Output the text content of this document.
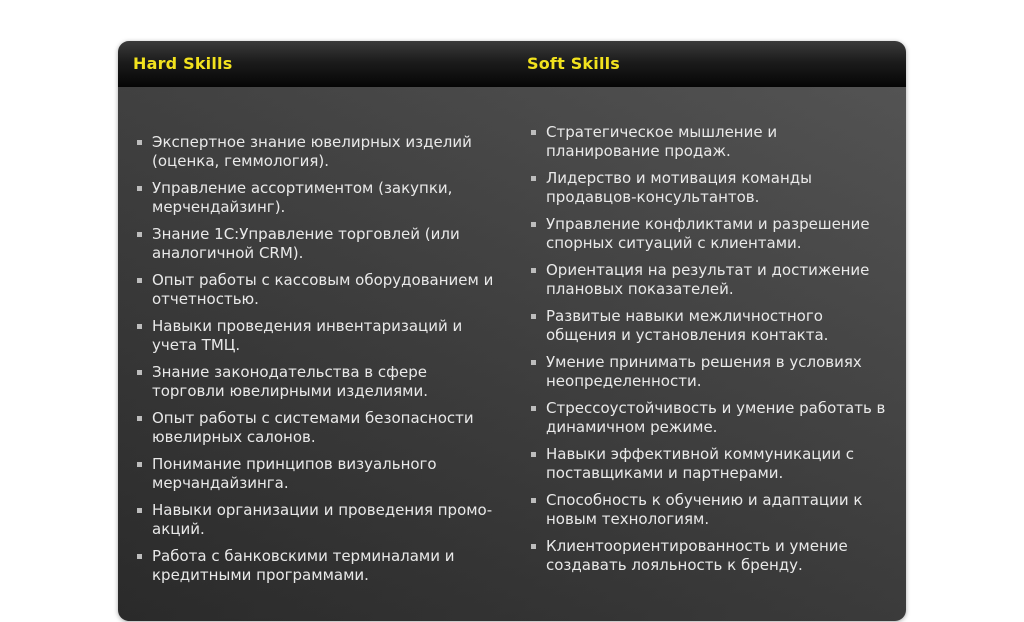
Hard Skills	Soft Skills
Экспертное знание ювелирных изделий (оценка, геммология).
Управление ассортиментом (закупки, мерчендайзинг).
Знание 1С:Управление торговлей (или аналогичной CRM).
Опыт работы с кассовым оборудованием и отчетностью.
Навыки проведения инвентаризаций и учета ТМЦ.
Знание законодательства в сфере торговли ювелирными изделиями.
Опыт работы с системами безопасности ювелирных салонов.
Понимание принципов визуального мерчандайзинга.
Навыки организации и проведения промо-акций.
Работа с банковскими терминалами и кредитными программами.
Стратегическое мышление и планирование продаж.
Лидерство и мотивация команды продавцов-консультантов.
Управление конфликтами и разрешение спорных ситуаций с клиентами.
Ориентация на результат и достижение плановых показателей.
Развитые навыки межличностного общения и установления контакта.
Умение принимать решения в условиях неопределенности.
Стрессоустойчивость и умение работать в динамичном режиме.
Навыки эффективной коммуникации с поставщиками и партнерами.
Способность к обучению и адаптации к новым технологиям.
Клиентоориентированность и умение создавать лояльность к бренду.
